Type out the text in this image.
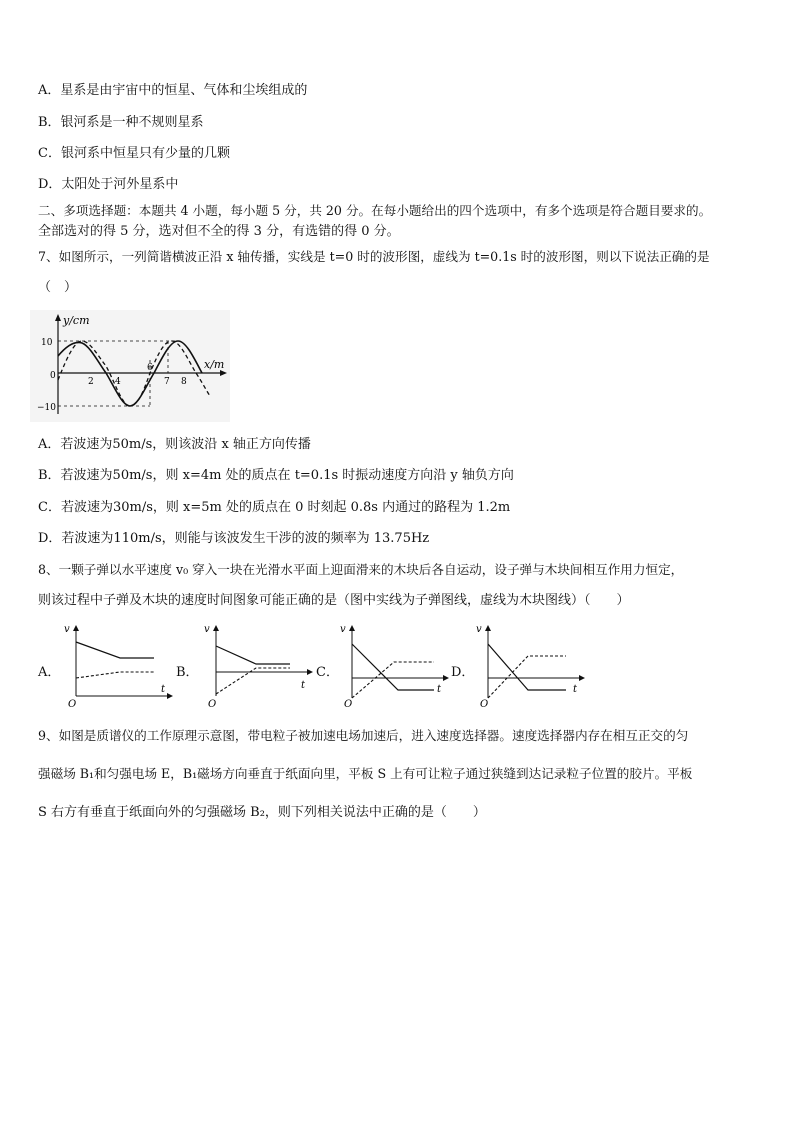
A．星系是由宇宙中的恒星、气体和尘埃组成的
B．银河系是一种不规则星系
C．银河系中恒星只有少量的几颗
D．太阳处于河外星系中
二、多项选择题：本题共 4 小题，每小题 5 分，共 20 分。在每小题给出的四个选项中，有多个选项是符合题目要求的。
全部选对的得 5 分，选对但不全的得 3 分，有选错的得 0 分。
7、如图所示，一列简谐横波正沿 x 轴传播，实线是 t=0 时的波形图，虚线为 t=0.1s 时的波形图，则以下说法正确的是
（　）
y/cm
x/m
0
10
−10
2 4
6
7 8
A．若波速为50m/s，则该波沿 x 轴正方向传播
B．若波速为50m/s，则 x=4m 处的质点在 t=0.1s 时振动速度方向沿 y 轴负方向
C．若波速为30m/s，则 x=5m 处的质点在 0 时刻起 0.8s 内通过的路程为 1.2m
D．若波速为110m/s，则能与该波发生干涉的波的频率为 13.75Hz
8、一颗子弹以水平速度 v₀ 穿入一块在光滑水平面上迎面滑来的木块后各自运动，设子弹与木块间相互作用力恒定，
则该过程中子弹及木块的速度时间图象可能正确的是（图中实线为子弹图线，虚线为木块图线）（　　）
A．
v
t
O
B．
v
t
O
C．
v
t
O
D．
v
t
O
9、如图是质谱仪的工作原理示意图，带电粒子被加速电场加速后，进入速度选择器。速度选择器内存在相互正交的匀
强磁场 B₁和匀强电场 E，B₁磁场方向垂直于纸面向里，平板 S 上有可让粒子通过狭缝到达记录粒子位置的胶片。平板
S 右方有垂直于纸面向外的匀强磁场 B₂，则下列相关说法中正确的是（　　）
